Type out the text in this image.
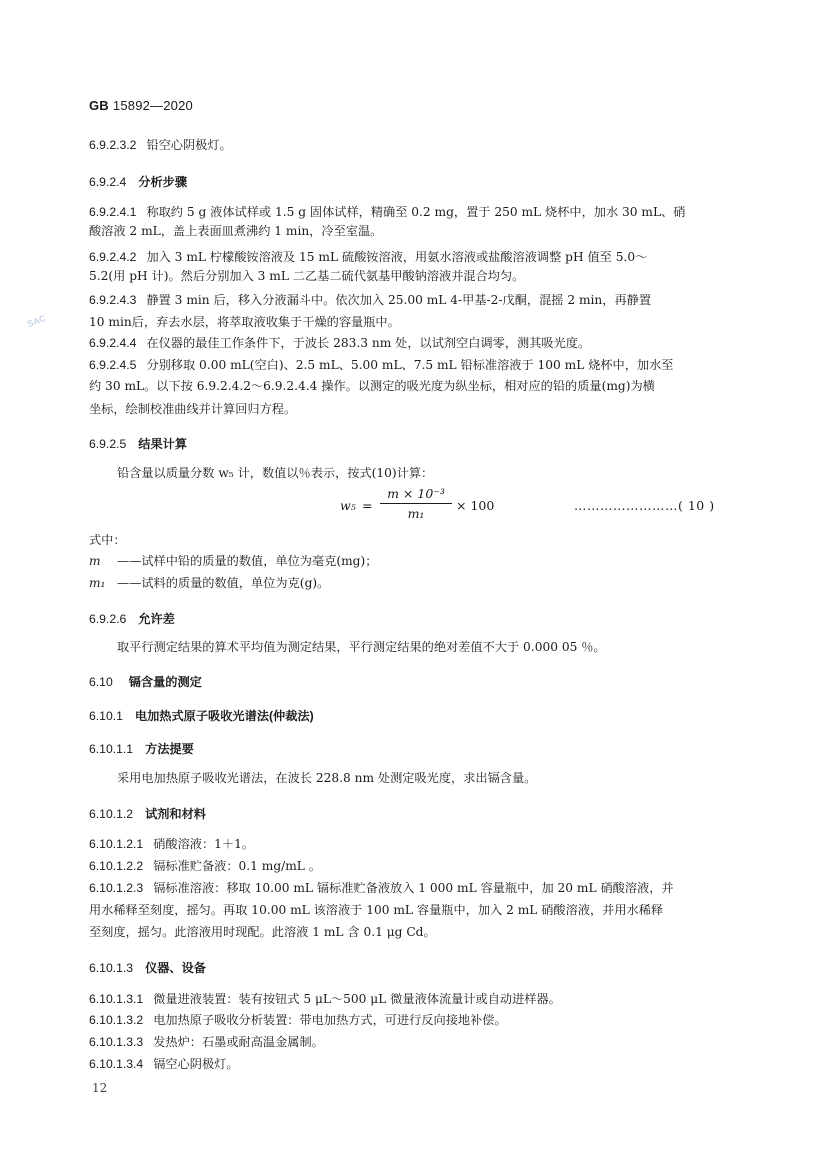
SAC
GB 15892—2020
6.9.2.3.2 铅空心阴极灯。
6.9.2.4 分析步骤
6.9.2.4.1 称取约 5 g 液体试样或 1.5 g 固体试样，精确至 0.2 mg，置于 250 mL 烧杯中，加水 30 mL、硝
酸溶液 2 mL，盖上表面皿煮沸约 1 min，冷至室温。
6.9.2.4.2 加入 3 mL 柠檬酸铵溶液及 15 mL 硫酸铵溶液，用氨水溶液或盐酸溶液调整 pH 值至 5.0～
5.2(用 pH 计)。然后分别加入 3 mL 二乙基二硫代氨基甲酸钠溶液并混合均匀。
6.9.2.4.3 静置 3 min 后，移入分液漏斗中。依次加入 25.00 mL 4-甲基-2-戊酮，混摇 2 min，再静置
10 min后，弃去水层，将萃取液收集于干燥的容量瓶中。
6.9.2.4.4 在仪器的最佳工作条件下，于波长 283.3 nm 处，以试剂空白调零，测其吸光度。
6.9.2.4.5 分别移取 0.00 mL(空白)、2.5 mL、5.00 mL、7.5 mL 铅标准溶液于 100 mL 烧杯中，加水至
约 30 mL。以下按 6.9.2.4.2～6.9.2.4.4 操作。以测定的吸光度为纵坐标，相对应的铅的质量(mg)为横
坐标，绘制校准曲线并计算回归方程。
6.9.2.5 结果计算
铅含量以质量分数 w₅ 计，数值以％表示，按式(10)计算：
w₅ =
m × 10⁻³
m₁
× 100	……………………( 10 )
式中：
m ——试样中铅的质量的数值，单位为毫克(mg)；
m₁ ——试料的质量的数值，单位为克(g)。
6.9.2.6 允许差
取平行测定结果的算术平均值为测定结果，平行测定结果的绝对差值不大于 0.000 05 ％。
6.10 镉含量的测定
6.10.1 电加热式原子吸收光谱法(仲裁法)
6.10.1.1 方法提要
采用电加热原子吸收光谱法，在波长 228.8 nm 处测定吸光度，求出镉含量。
6.10.1.2 试剂和材料
6.10.1.2.1 硝酸溶液：1＋1。
6.10.1.2.2 镉标准贮备液：0.1 mg/mL 。
6.10.1.2.3 镉标准溶液：移取 10.00 mL 镉标准贮备液放入 1 000 mL 容量瓶中，加 20 mL 硝酸溶液，并
用水稀释至刻度，摇匀。再取 10.00 mL 该溶液于 100 mL 容量瓶中，加入 2 mL 硝酸溶液，并用水稀释
至刻度，摇匀。此溶液用时现配。此溶液 1 mL 含 0.1 μg Cd。
6.10.1.3 仪器、设备
6.10.1.3.1 微量进液装置：装有按钮式 5 μL～500 μL 微量液体流量计或自动进样器。
6.10.1.3.2 电加热原子吸收分析装置：带电加热方式，可进行反向接地补偿。
6.10.1.3.3 发热炉：石墨或耐高温金属制。
6.10.1.3.4 镉空心阴极灯。
12
